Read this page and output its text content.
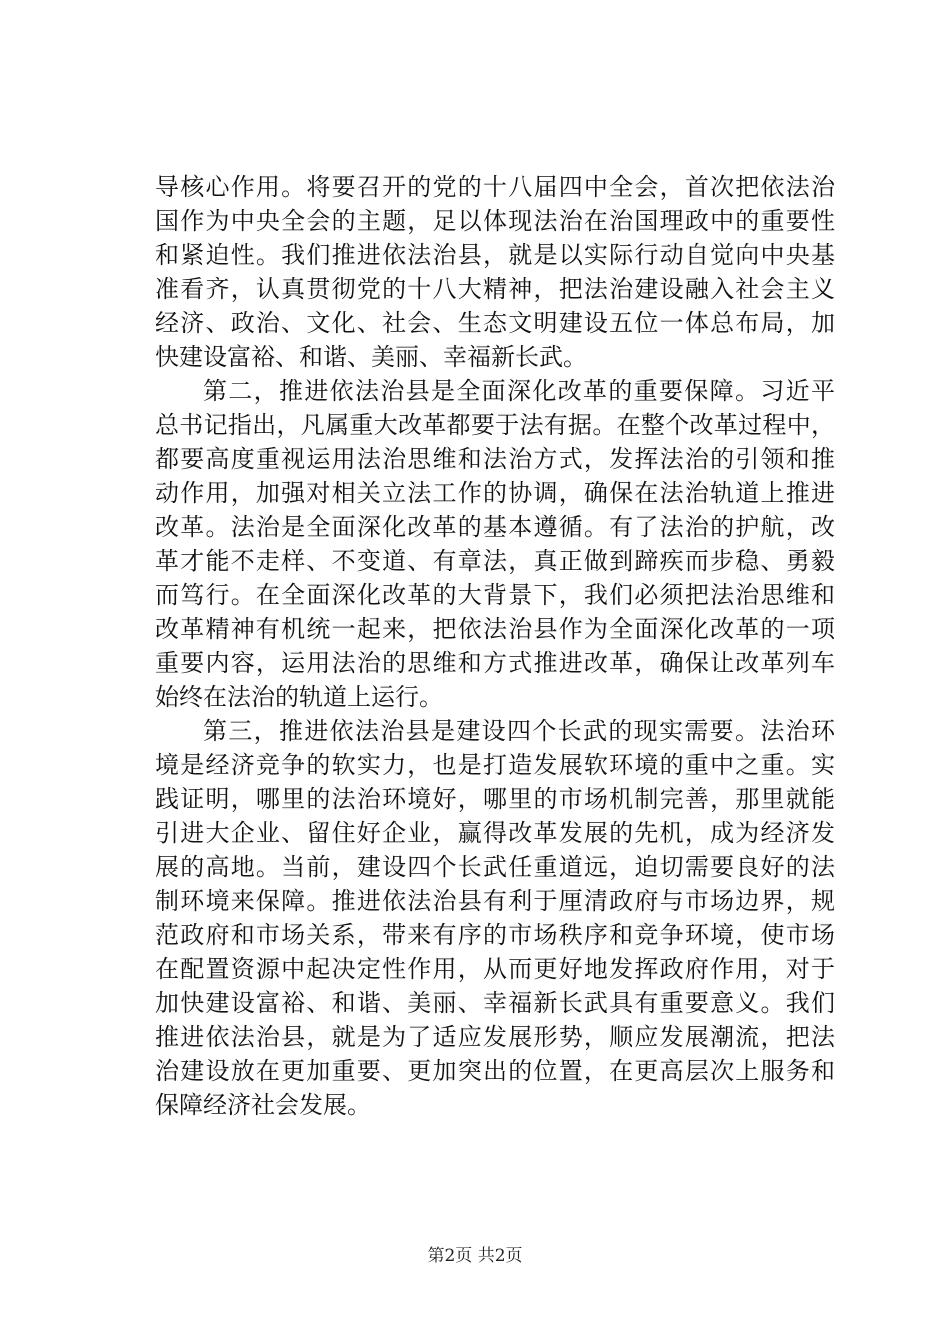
导核心作用。将要召开的党的十八届四中全会，首次把依法治
国作为中央全会的主题，足以体现法治在治国理政中的重要性
和紧迫性。我们推进依法治县，就是以实际行动自觉向中央基
准看齐，认真贯彻党的十八大精神，把法治建设融入社会主义
经济、政治、文化、社会、生态文明建设五位一体总布局，加
快建设富裕、和谐、美丽、幸福新长武。
第二，推进依法治县是全面深化改革的重要保障。习近平
总书记指出，凡属重大改革都要于法有据。在整个改革过程中，
都要高度重视运用法治思维和法治方式，发挥法治的引领和推
动作用，加强对相关立法工作的协调，确保在法治轨道上推进
改革。法治是全面深化改革的基本遵循。有了法治的护航，改
革才能不走样、不变道、有章法，真正做到蹄疾而步稳、勇毅
而笃行。在全面深化改革的大背景下，我们必须把法治思维和
改革精神有机统一起来，把依法治县作为全面深化改革的一项
重要内容，运用法治的思维和方式推进改革，确保让改革列车
始终在法治的轨道上运行。
第三，推进依法治县是建设四个长武的现实需要。法治环
境是经济竞争的软实力，也是打造发展软环境的重中之重。实
践证明，哪里的法治环境好，哪里的市场机制完善，那里就能
引进大企业、留住好企业，赢得改革发展的先机，成为经济发
展的高地。当前，建设四个长武任重道远，迫切需要良好的法
制环境来保障。推进依法治县有利于厘清政府与市场边界，规
范政府和市场关系，带来有序的市场秩序和竞争环境，使市场
在配置资源中起决定性作用，从而更好地发挥政府作用，对于
加快建设富裕、和谐、美丽、幸福新长武具有重要意义。我们
推进依法治县，就是为了适应发展形势，顺应发展潮流，把法
治建设放在更加重要、更加突出的位置，在更高层次上服务和
保障经济社会发展。
第2页 共2页
